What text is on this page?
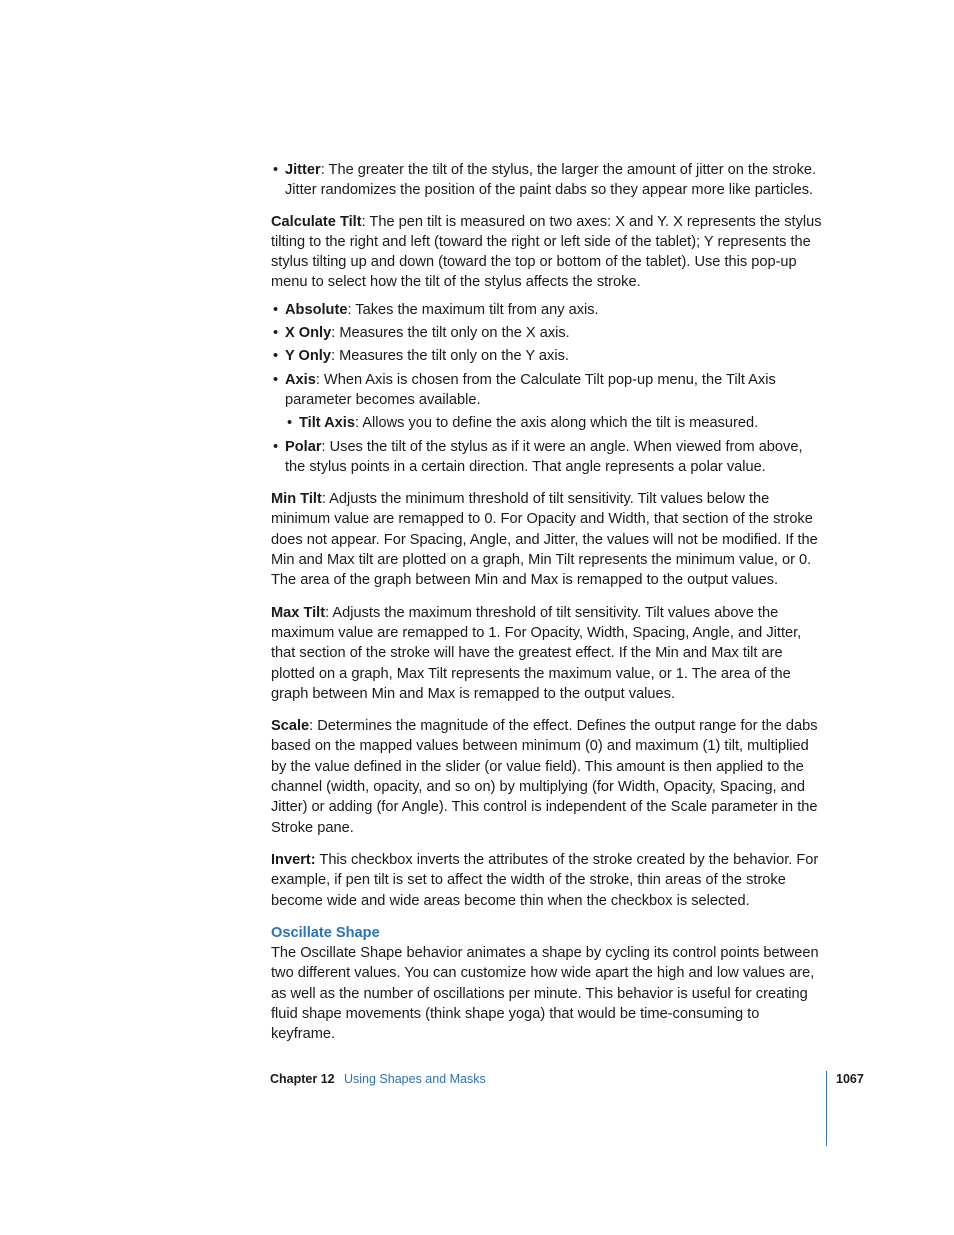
• Jitter: The greater the tilt of the stylus, the larger the amount of jitter on the stroke. Jitter randomizes the position of the paint dabs so they appear more like particles.

Calculate Tilt: The pen tilt is measured on two axes: X and Y. X represents the stylus tilting to the right and left (toward the right or left side of the tablet); Y represents the stylus tilting up and down (toward the top or bottom of the tablet). Use this pop-up menu to select how the tilt of the stylus affects the stroke.

• Absolute: Takes the maximum tilt from any axis.
• X Only: Measures the tilt only on the X axis.
• Y Only: Measures the tilt only on the Y axis.
• Axis: When Axis is chosen from the Calculate Tilt pop-up menu, the Tilt Axis parameter becomes available.
• Tilt Axis: Allows you to define the axis along which the tilt is measured.
• Polar: Uses the tilt of the stylus as if it were an angle. When viewed from above, the stylus points in a certain direction. That angle represents a polar value.

Min Tilt: Adjusts the minimum threshold of tilt sensitivity. Tilt values below the minimum value are remapped to 0. For Opacity and Width, that section of the stroke does not appear. For Spacing, Angle, and Jitter, the values will not be modified. If the Min and Max tilt are plotted on a graph, Min Tilt represents the minimum value, or 0. The area of the graph between Min and Max is remapped to the output values.

Max Tilt: Adjusts the maximum threshold of tilt sensitivity. Tilt values above the maximum value are remapped to 1. For Opacity, Width, Spacing, Angle, and Jitter, that section of the stroke will have the greatest effect. If the Min and Max tilt are plotted on a graph, Max Tilt represents the maximum value, or 1. The area of the graph between Min and Max is remapped to the output values.

Scale: Determines the magnitude of the effect. Defines the output range for the dabs based on the mapped values between minimum (0) and maximum (1) tilt, multiplied by the value defined in the slider (or value field). This amount is then applied to the channel (width, opacity, and so on) by multiplying (for Width, Opacity, Spacing, and Jitter) or adding (for Angle). This control is independent of the Scale parameter in the Stroke pane.

Invert: This checkbox inverts the attributes of the stroke created by the behavior. For example, if pen tilt is set to affect the width of the stroke, thin areas of the stroke become wide and wide areas become thin when the checkbox is selected.

Oscillate Shape

The Oscillate Shape behavior animates a shape by cycling its control points between two different values. You can customize how wide apart the high and low values are, as well as the number of oscillations per minute. This behavior is useful for creating fluid shape movements (think shape yoga) that would be time-consuming to keyframe.

Chapter 12 Using Shapes and Masks	1067
